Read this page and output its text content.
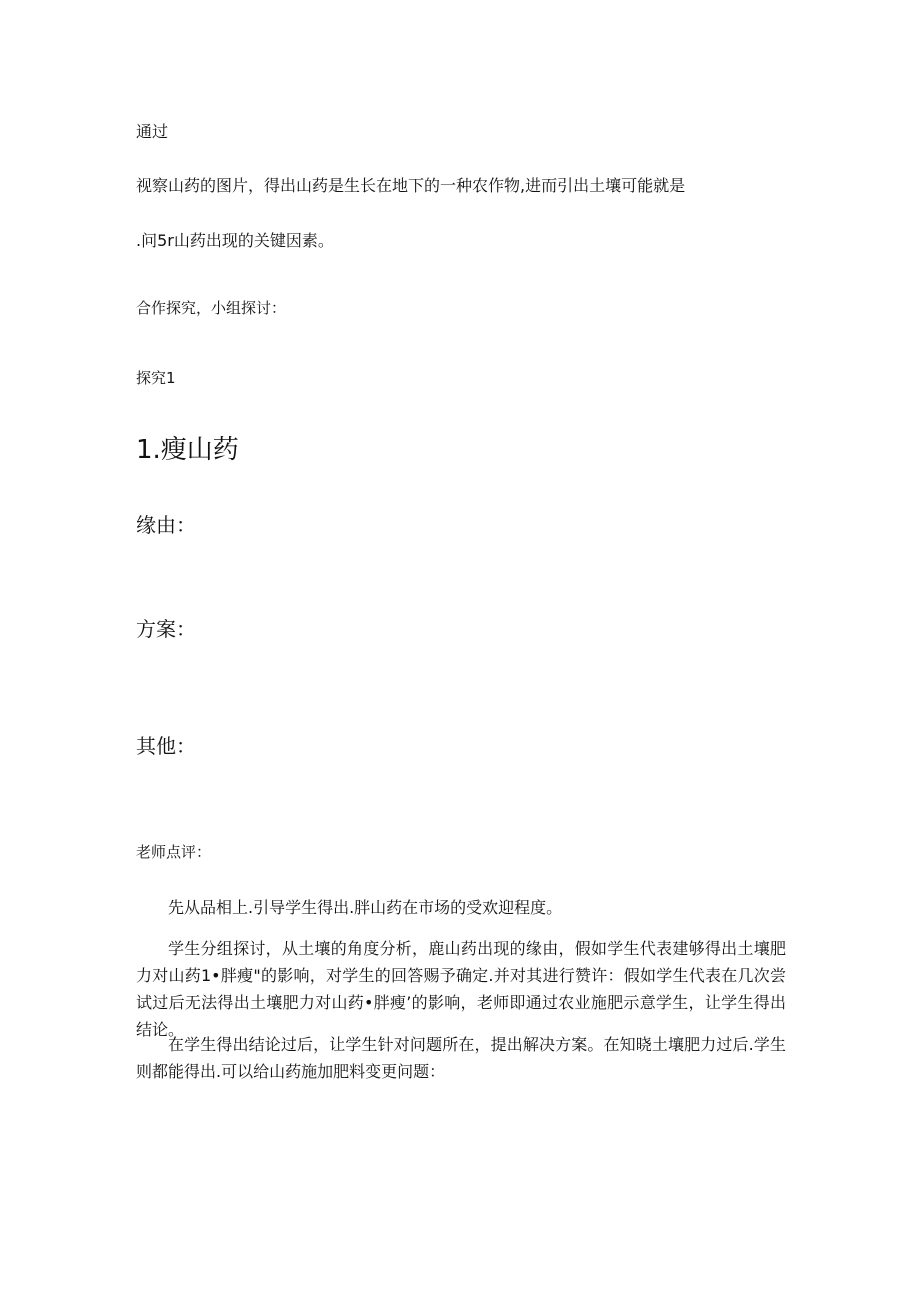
通过
视察山药的图片，得出山药是生长在地下的一种农作物,进而引出土壤可能就是
.问5r山药出现的关键因素。
合作探究，小组探讨：
探究1
1.瘦山药
缘由：
方案：
其他：
老师点评：
先从品相上.引导学生得出.胖山药在市场的受欢迎程度。
学生分组探讨，从土壤的角度分析，鹿山药出现的缘由，假如学生代表建够得出土壤肥力对山药1•胖瘦"的影响，对学生的回答赐予确定.并对其进行赞许：假如学生代表在几次尝试过后无法得出土壤肥力对山药•胖瘦’的影响，老师即通过农业施肥示意学生，让学生得出结论。
在学生得出结论过后，让学生针对问题所在，提出解决方案。在知晓土壤肥力过后.学生则都能得出.可以给山药施加肥料变更问题：
